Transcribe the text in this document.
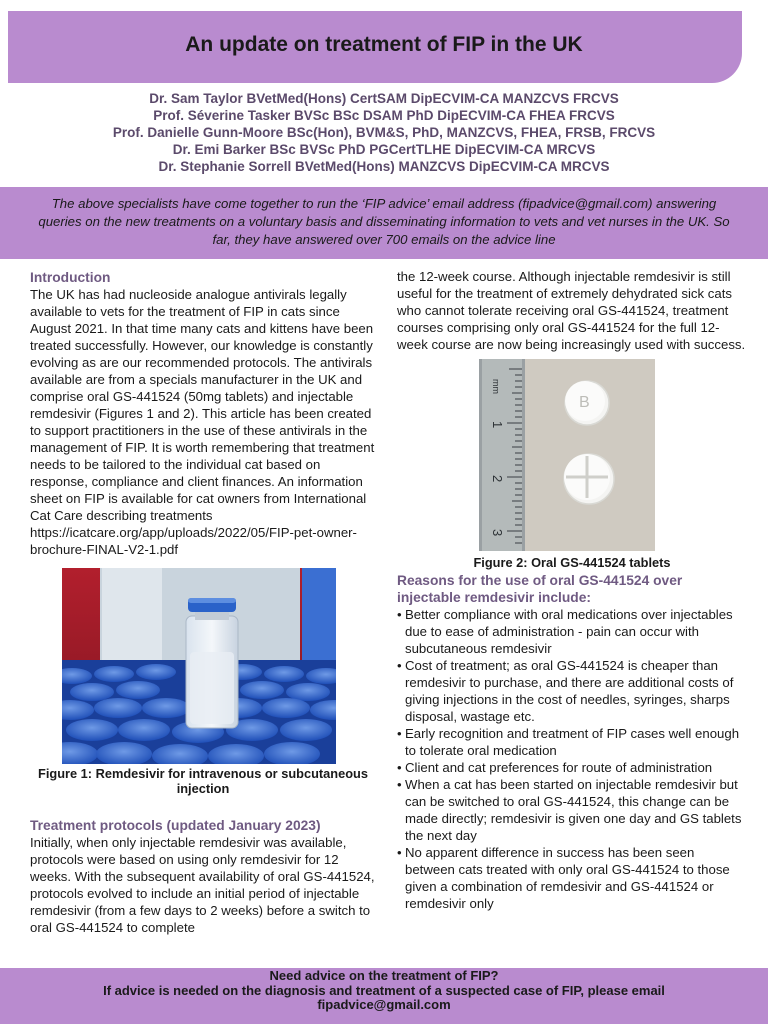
An update on treatment of FIP in the UK
Dr. Sam Taylor BVetMed(Hons) CertSAM DipECVIM-CA MANZCVS FRCVS
Prof. Séverine Tasker BVSc BSc DSAM PhD DipECVIM-CA FHEA FRCVS
Prof. Danielle Gunn-Moore BSc(Hon), BVM&S, PhD, MANZCVS, FHEA, FRSB, FRCVS
Dr. Emi Barker BSc BVSc PhD PGCertTLHE DipECVIM-CA MRCVS
Dr. Stephanie Sorrell BVetMed(Hons) MANZCVS DipECVIM-CA MRCVS
The above specialists have come together to run the ‘FIP advice’ email address (fipadvice@gmail.com) answering queries on the new treatments on a voluntary basis and disseminating information to vets and vet nurses in the UK. So far, they have answered over 700 emails on the advice line
Introduction

The UK has had nucleoside analogue antivirals legally available to vets for the treatment of FIP in cats since August 2021. In that time many cats and kittens have been treated successfully. However, our knowledge is constantly evolving as are our recommended protocols. The antivirals available are from a specials manufacturer in the UK and comprise oral GS-441524 (50mg tablets) and injectable remdesivir (Figures 1 and 2). This article has been created to support practitioners in the use of these antivirals in the management of FIP. It is worth remembering that treatment needs to be tailored to the individual cat based on response, compliance and client finances. An information sheet on FIP is available for cat owners from International Cat Care describing treatments https://icatcare.org/app/uploads/2022/05/FIP-pet-owner-brochure-FINAL-V2-1.pdf

Figure 1: Remdesivir for intravenous or subcutaneous injection
Treatment protocols (updated January 2023)

Initially, when only injectable remdesivir was available, protocols were based on using only remdesivir for 12 weeks. With the subsequent availability of oral GS-441524, protocols evolved to include an initial period of injectable remdesivir (from a few days to 2 weeks) before a switch to oral GS-441524 to complete

the 12-week course. Although injectable remdesivir is still useful for the treatment of extremely dehydrated sick cats who cannot tolerate receiving oral GS-441524, treatment courses comprising only oral GS-441524 for the full 12-week course are now being increasingly used with success.

mm
1
2
3
B
Figure 2: Oral GS-441524 tablets
Reasons for the use of oral GS-441524 over injectable remdesivir include:
• Better compliance with oral medications over injectables due to ease of administration - pain can occur with subcutaneous remdesivir
• Cost of treatment; as oral GS-441524 is cheaper than remdesivir to purchase, and there are additional costs of giving injections in the cost of needles, syringes, sharps disposal, wastage etc.
• Early recognition and treatment of FIP cases well enough to tolerate oral medication
• Client and cat preferences for route of administration
• When a cat has been started on injectable remdesivir but can be switched to oral GS-441524, this change can be made directly; remdesivir is given one day and GS tablets the next day
• No apparent difference in success has been seen between cats treated with only oral GS-441524 to those given a combination of remdesivir and GS-441524 or remdesivir only
Need advice on the treatment of FIP?
If advice is needed on the diagnosis and treatment of a suspected case of FIP, please email
fipadvice@gmail.com
